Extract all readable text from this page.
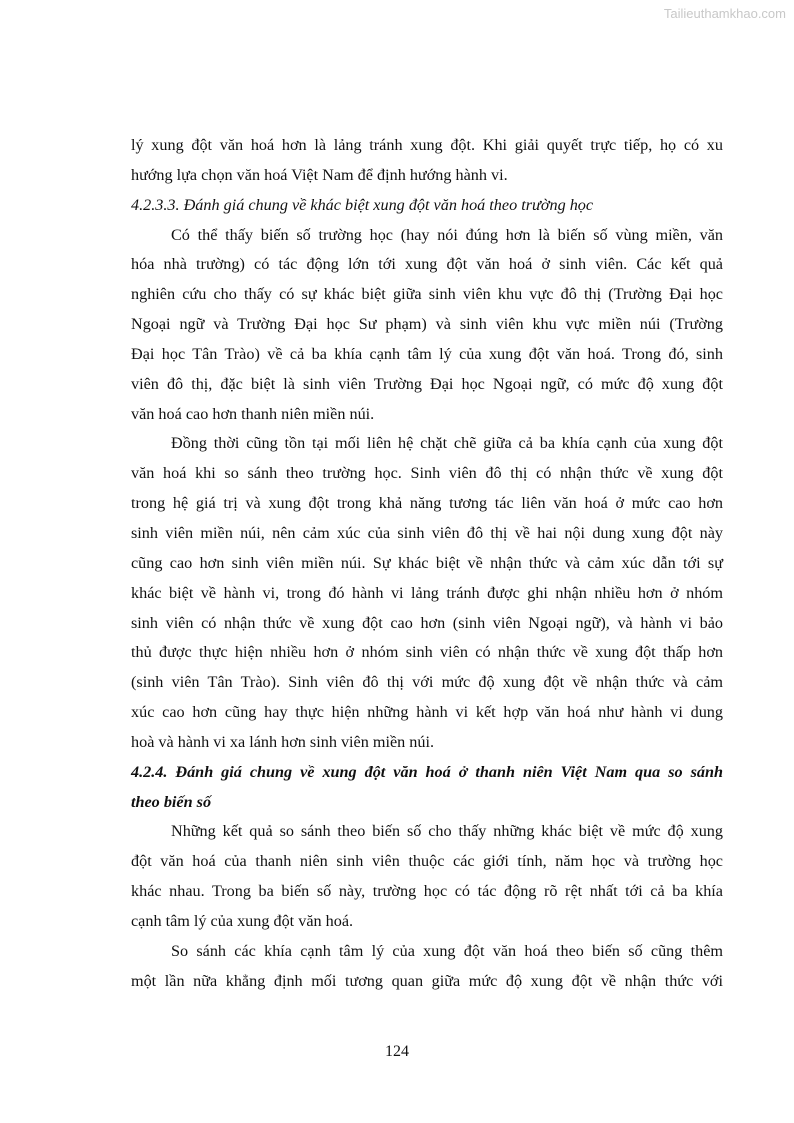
Tailieuthamkhao.com
lý xung đột văn hoá hơn là lảng tránh xung đột. Khi giải quyết trực tiếp, họ có xu
hướng lựa chọn văn hoá Việt Nam để định hướng hành vi.
4.2.3.3. Đánh giá chung về khác biệt xung đột văn hoá theo trường học
Có thể thấy biến số trường học (hay nói đúng hơn là biến số vùng miền, văn
hóa nhà trường) có tác động lớn tới xung đột văn hoá ở sinh viên. Các kết quả
nghiên cứu cho thấy có sự khác biệt giữa sinh viên khu vực đô thị (Trường Đại học
Ngoại ngữ và Trường Đại học Sư phạm) và sinh viên khu vực miền núi (Trường
Đại học Tân Trào) về cả ba khía cạnh tâm lý của xung đột văn hoá. Trong đó, sinh
viên đô thị, đặc biệt là sinh viên Trường Đại học Ngoại ngữ, có mức độ xung đột
văn hoá cao hơn thanh niên miền núi.
Đồng thời cũng tồn tại mối liên hệ chặt chẽ giữa cả ba khía cạnh của xung đột
văn hoá khi so sánh theo trường học. Sinh viên đô thị có nhận thức về xung đột
trong hệ giá trị và xung đột trong khả năng tương tác liên văn hoá ở mức cao hơn
sinh viên miền núi, nên cảm xúc của sinh viên đô thị về hai nội dung xung đột này
cũng cao hơn sinh viên miền núi. Sự khác biệt về nhận thức và cảm xúc dẫn tới sự
khác biệt về hành vi, trong đó hành vi lảng tránh được ghi nhận nhiều hơn ở nhóm
sinh viên có nhận thức về xung đột cao hơn (sinh viên Ngoại ngữ), và hành vi bảo
thủ được thực hiện nhiều hơn ở nhóm sinh viên có nhận thức về xung đột thấp hơn
(sinh viên Tân Trào). Sinh viên đô thị với mức độ xung đột về nhận thức và cảm
xúc cao hơn cũng hay thực hiện những hành vi kết hợp văn hoá như hành vi dung
hoà và hành vi xa lánh hơn sinh viên miền núi.
4.2.4. Đánh giá chung về xung đột văn hoá ở thanh niên Việt Nam qua so sánh
theo biến số
Những kết quả so sánh theo biến số cho thấy những khác biệt về mức độ xung
đột văn hoá của thanh niên sinh viên thuộc các giới tính, năm học và trường học
khác nhau. Trong ba biến số này, trường học có tác động rõ rệt nhất tới cả ba khía
cạnh tâm lý của xung đột văn hoá.
So sánh các khía cạnh tâm lý của xung đột văn hoá theo biến số cũng thêm
một lần nữa khẳng định mối tương quan giữa mức độ xung đột về nhận thức với
124
